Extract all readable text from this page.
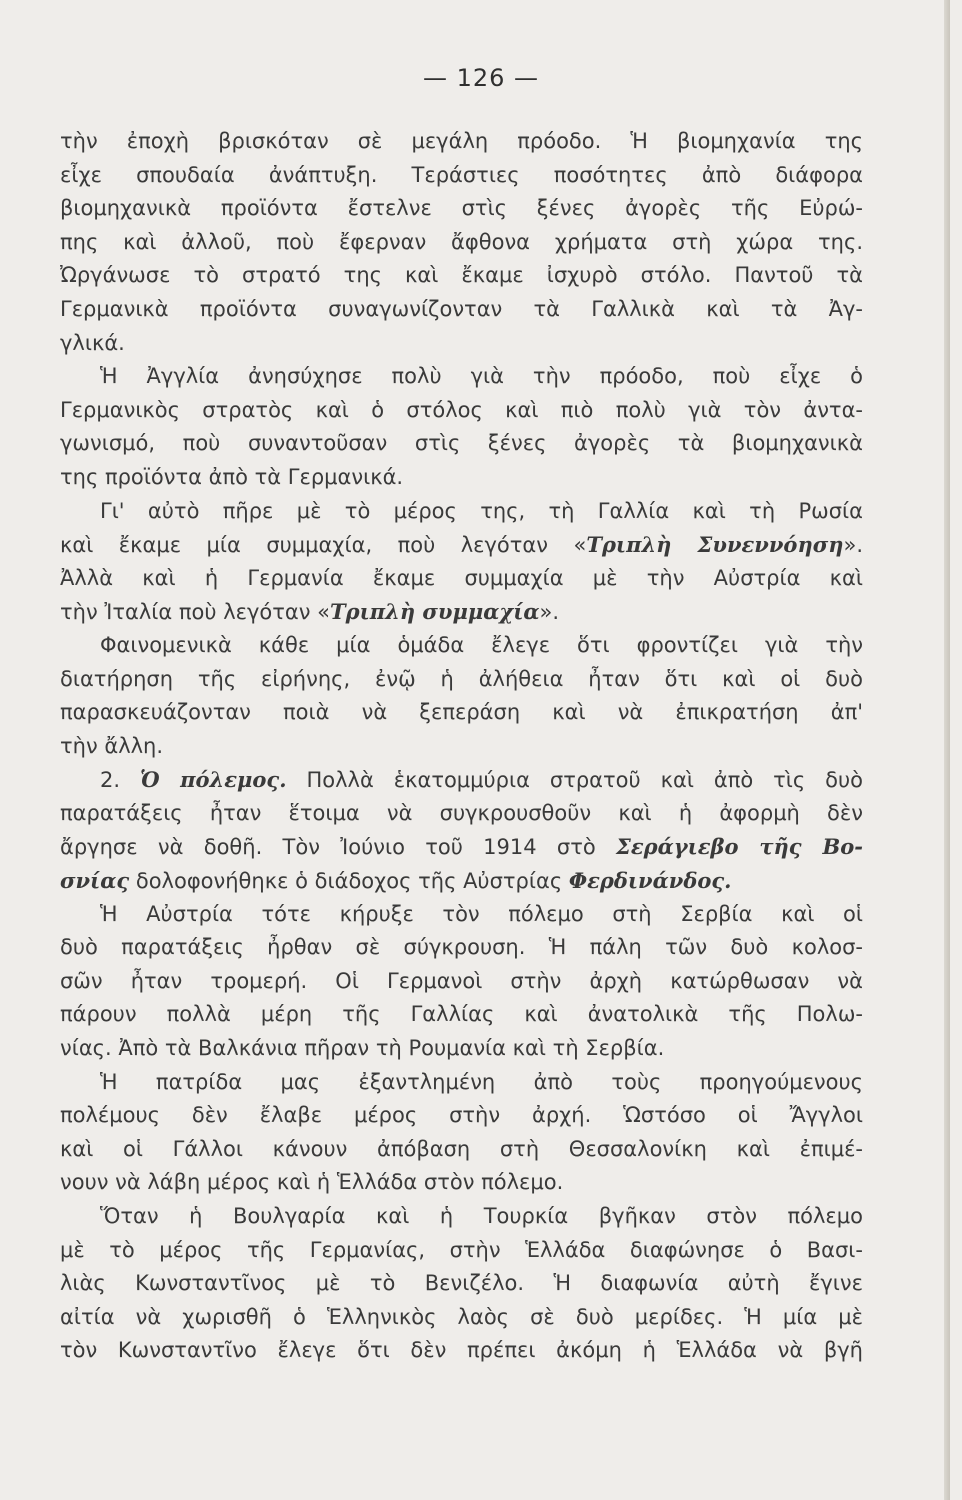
— 126 —
τὴν ἐποχὴ βρισκόταν σὲ μεγάλη πρόοδο. Ἡ βιομηχανία της
εἶχε σπουδαία ἀνάπτυξη. Τεράστιες ποσότητες ἀπὸ διάφορα
βιομηχανικὰ προϊόντα ἔστελνε στὶς ξένες ἀγορὲς τῆς Εὐρώ-
πης καὶ ἀλλοῦ, ποὺ ἔφερναν ἄφθονα χρήματα στὴ χώρα της.
Ὠργάνωσε τὸ στρατό της καὶ ἔκαμε ἰσχυρὸ στόλο. Παντοῦ τὰ
Γερμανικὰ προϊόντα συναγωνίζονταν τὰ Γαλλικὰ καὶ τὰ Ἀγ-
γλικά.
Ἡ Ἀγγλία ἀνησύχησε πολὺ γιὰ τὴν πρόοδο, ποὺ εἶχε ὁ
Γερμανικὸς στρατὸς καὶ ὁ στόλος καὶ πιὸ πολὺ γιὰ τὸν ἀντα-
γωνισμό, ποὺ συναντοῦσαν στὶς ξένες ἀγορὲς τὰ βιομηχανικὰ
της προϊόντα ἀπὸ τὰ Γερμανικά.
Γι' αὐτὸ πῆρε μὲ τὸ μέρος της, τὴ Γαλλία καὶ τὴ Ρωσία
καὶ ἔκαμε μία συμμαχία, ποὺ λεγόταν «Τριπλὴ Συνεννόηση».
Ἀλλὰ καὶ ἡ Γερμανία ἔκαμε συμμαχία μὲ τὴν Αὐστρία καὶ
τὴν Ἰταλία ποὺ λεγόταν «Τριπλὴ συμμαχία».
Φαινομενικὰ κάθε μία ὁμάδα ἔλεγε ὅτι φροντίζει γιὰ τὴν
διατήρηση τῆς εἰρήνης, ἐνῷ ἡ ἀλήθεια ἦταν ὅτι καὶ οἱ δυὸ
παρασκευάζονταν ποιὰ νὰ ξεπεράση καὶ νὰ ἐπικρατήση ἀπ'
τὴν ἄλλη.
2. Ὁ πόλεμος. Πολλὰ ἑκατομμύρια στρατοῦ καὶ ἀπὸ τὶς δυὸ
παρατάξεις ἦταν ἕτοιμα νὰ συγκρουσθοῦν καὶ ἡ ἀφορμὴ δὲν
ἄργησε νὰ δοθῆ. Τὸν Ἰούνιο τοῦ 1914 στὸ Σεράγιεβο τῆς Βο-
σνίας δολοφονήθηκε ὁ διάδοχος τῆς Αὐστρίας Φερδινάνδος.
Ἡ Αὐστρία τότε κήρυξε τὸν πόλεμο στὴ Σερβία καὶ οἱ
δυὸ παρατάξεις ἦρθαν σὲ σύγκρουση. Ἡ πάλη τῶν δυὸ κολοσ-
σῶν ἦταν τρομερή. Οἱ Γερμανοὶ στὴν ἀρχὴ κατώρθωσαν νὰ
πάρουν πολλὰ μέρη τῆς Γαλλίας καὶ ἀνατολικὰ τῆς Πολω-
νίας. Ἀπὸ τὰ Βαλκάνια πῆραν τὴ Ρουμανία καὶ τὴ Σερβία.
Ἡ πατρίδα μας ἐξαντλημένη ἀπὸ τοὺς προηγούμενους
πολέμους δὲν ἔλαβε μέρος στὴν ἀρχή. Ὡστόσο οἱ Ἄγγλοι
καὶ οἱ Γάλλοι κάνουν ἀπόβαση στὴ Θεσσαλονίκη καὶ ἐπιμέ-
νουν νὰ λάβη μέρος καὶ ἡ Ἑλλάδα στὸν πόλεμο.
Ὅταν ἡ Βουλγαρία καὶ ἡ Τουρκία βγῆκαν στὸν πόλεμο
μὲ τὸ μέρος τῆς Γερμανίας, στὴν Ἑλλάδα διαφώνησε ὁ Βασι-
λιὰς Κωνσταντῖνος μὲ τὸ Βενιζέλο. Ἡ διαφωνία αὐτὴ ἔγινε
αἰτία νὰ χωρισθῆ ὁ Ἑλληνικὸς λαὸς σὲ δυὸ μερίδες. Ἡ μία μὲ
τὸν Κωνσταντῖνο ἔλεγε ὅτι δὲν πρέπει ἀκόμη ἡ Ἑλλάδα νὰ βγῆ
